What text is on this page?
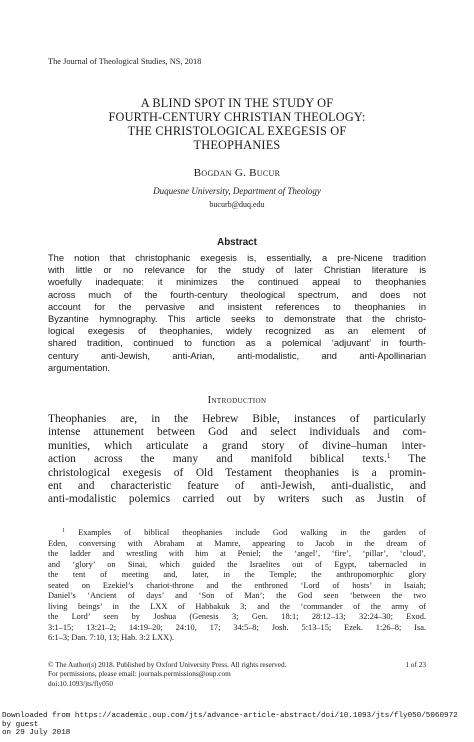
The Journal of Theological Studies, NS, 2018
A BLIND SPOT IN THE STUDY OF
FOURTH-CENTURY CHRISTIAN THEOLOGY:
THE CHRISTOLOGICAL EXEGESIS OF
THEOPHANIES
Bogdan G. Bucur
Duquesne University, Department of Theology
bucurb@duq.edu
Abstract
The notion that christophanic exegesis is, essentially, a pre-Nicene tradition
with little or no relevance for the study of later Christian literature is
woefully inadequate: it minimizes the continued appeal to theophanies
across much of the fourth-century theological spectrum, and does not
account for the pervasive and insistent references to theophanies in
Byzantine hymnography. This article seeks to demonstrate that the christo-
logical exegesis of theophanies, widely recognized as an element of
shared tradition, continued to function as a polemical ‘adjuvant’ in fourth-
century anti-Jewish, anti-Arian, anti-modalistic, and anti-Apollinarian
argumentation.
Introduction
Theophanies are, in the Hebrew Bible, instances of particularly
intense attunement between God and select individuals and com-
munities, which articulate a grand story of divine–human inter-
action across the many and manifold biblical texts.$^1$ The
christological exegesis of Old Testament theophanies is a promin-
ent and characteristic feature of anti-Jewish, anti-dualistic, and
anti-modalistic polemics carried out by writers such as Justin of
$^1$ Examples of biblical theophanies include God walking in the garden of
Eden, conversing with Abraham at Mamre, appearing to Jacob in the dream of
the ladder and wrestling with him at Peniel; the ‘angel’, ‘fire’, ‘pillar’, ‘cloud’,
and ‘glory’ on Sinai, which guided the Israelites out of Egypt, tabernacled in
the tent of meeting and, later, in the Temple; the anthropomorphic glory
seated on Ezekiel’s chariot-throne and the enthroned ‘Lord of hosts’ in Isaiah;
Daniel’s ‘Ancient of days’ and ‘Son of Man’; the God seen ‘between the two
living beings’ in the LXX of Habbakuk 3; and the ‘commander of the army of
the Lord’ seen by Joshua (Genesis 3; Gen. 18:1; 28:12–13; 32:24–30; Exod.
3:1–15; 13:21–2; 14:19–20; 24:10, 17; 34:5–8; Josh. 5:13–15; Ezek. 1:26–8; Isa.
6:1–3; Dan. 7:10, 13; Hab. 3:2 LXX).
© The Author(s) 2018. Published by Oxford University Press. All rights reserved.
For permissions, please email: journals.permissions@oup.com
doi:10.1093/jts/fly050
1 of 23
Downloaded from https://academic.oup.com/jts/advance-article-abstract/doi/10.1093/jts/fly050/5060972
by guest
on 29 July 2018
